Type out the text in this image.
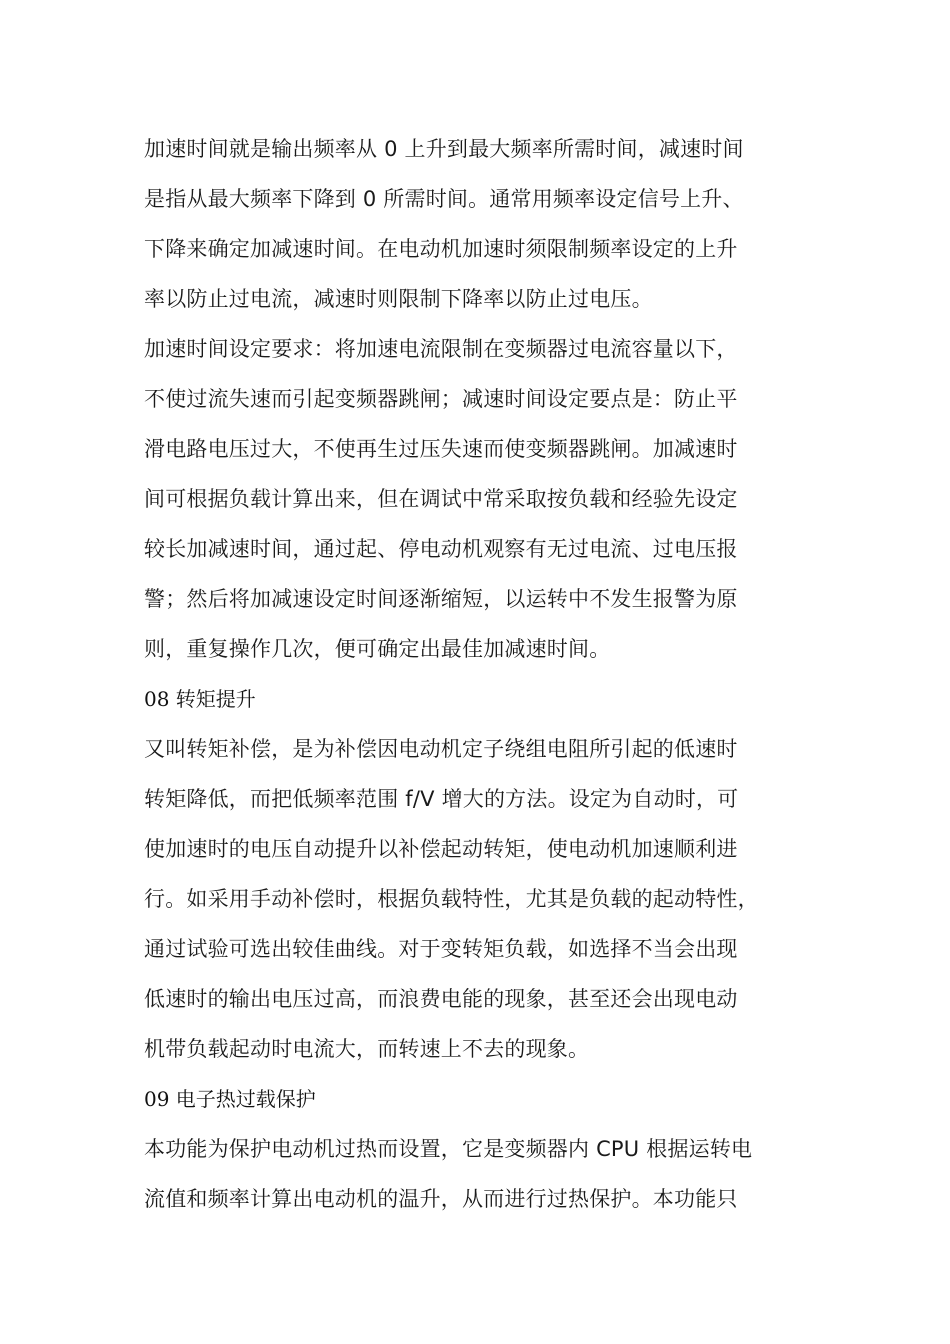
加速时间就是输出频率从 0 上升到最大频率所需时间，减速时间
是指从最大频率下降到 0 所需时间。通常用频率设定信号上升、
下降来确定加减速时间。在电动机加速时须限制频率设定的上升
率以防止过电流，减速时则限制下降率以防止过电压。
加速时间设定要求：将加速电流限制在变频器过电流容量以下，
不使过流失速而引起变频器跳闸；减速时间设定要点是：防止平
滑电路电压过大，不使再生过压失速而使变频器跳闸。加减速时
间可根据负载计算出来，但在调试中常采取按负载和经验先设定
较长加减速时间，通过起、停电动机观察有无过电流、过电压报
警；然后将加减速设定时间逐渐缩短，以运转中不发生报警为原
则，重复操作几次，便可确定出最佳加减速时间。
08 转矩提升
又叫转矩补偿，是为补偿因电动机定子绕组电阻所引起的低速时
转矩降低，而把低频率范围 f/V 增大的方法。设定为自动时，可
使加速时的电压自动提升以补偿起动转矩，使电动机加速顺利进
行。如采用手动补偿时，根据负载特性，尤其是负载的起动特性，
通过试验可选出较佳曲线。对于变转矩负载，如选择不当会出现
低速时的输出电压过高，而浪费电能的现象，甚至还会出现电动
机带负载起动时电流大，而转速上不去的现象。
09 电子热过载保护
本功能为保护电动机过热而设置，它是变频器内 CPU 根据运转电
流值和频率计算出电动机的温升，从而进行过热保护。本功能只
